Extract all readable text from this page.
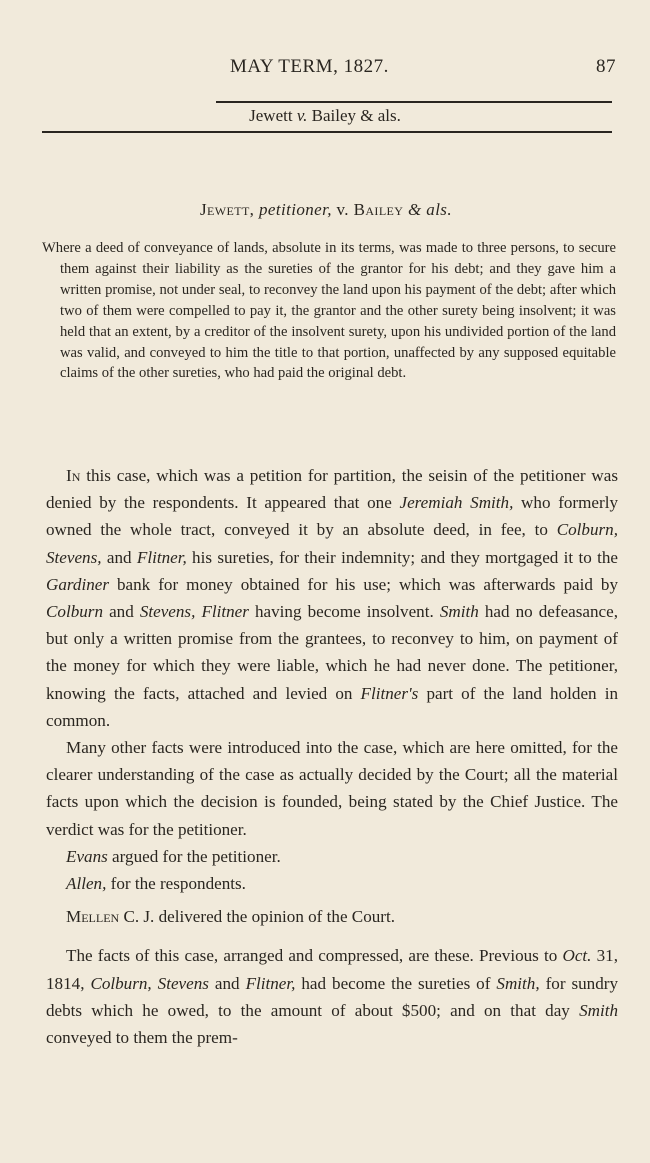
MAY TERM, 1827.	87
Jewett v. Bailey & als.
Jewett, petitioner, v. Bailey & als.
Where a deed of conveyance of lands, absolute in its terms, was made to three persons, to secure them against their liability as the sureties of the grantor for his debt; and they gave him a written promise, not under seal, to reconvey the land upon his payment of the debt; after which two of them were compelled to pay it, the grantor and the other surety being insolvent; it was held that an extent, by a creditor of the insolvent surety, upon his undivided portion of the land was valid, and conveyed to him the title to that portion, unaffected by any supposed equitable claims of the other sureties, who had paid the original debt.

In this case, which was a petition for partition, the seisin of the petitioner was denied by the respondents. It appeared that one Jeremiah Smith, who formerly owned the whole tract, conveyed it by an absolute deed, in fee, to Colburn, Stevens, and Flitner, his sureties, for their indemnity; and they mortgaged it to the Gardiner bank for money obtained for his use; which was afterwards paid by Colburn and Stevens, Flitner having become insolvent. Smith had no defeasance, but only a written promise from the grantees, to reconvey to him, on payment of the money for which they were liable, which he had never done. The petitioner, knowing the facts, attached and levied on Flitner's part of the land holden in common.

Many other facts were introduced into the case, which are here omitted, for the clearer understanding of the case as actually decided by the Court; all the material facts upon which the decision is founded, being stated by the Chief Justice. The verdict was for the petitioner.

Evans argued for the petitioner.

Allen, for the respondents.

Mellen C. J. delivered the opinion of the Court.

The facts of this case, arranged and compressed, are these. Previous to Oct. 31, 1814, Colburn, Stevens and Flitner, had become the sureties of Smith, for sundry debts which he owed, to the amount of about $500; and on that day Smith conveyed to them the prem-
